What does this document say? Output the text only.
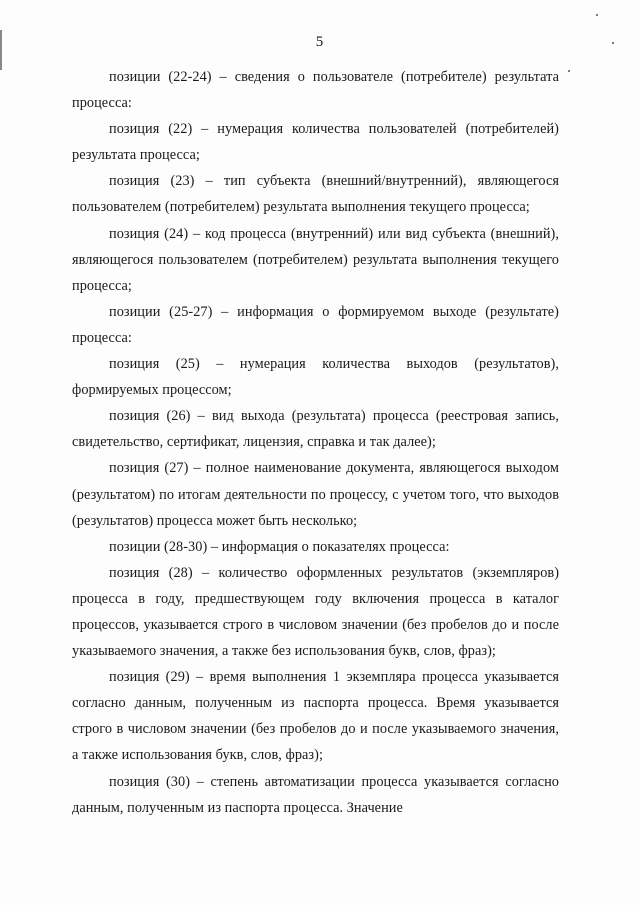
5

позиции (22-24) – сведения о пользователе (потребителе) результата процесса:

позиция (22) – нумерация количества пользователей (потребителей) результата процесса;

позиция (23) – тип субъекта (внешний/внутренний), являющегося пользователем (потребителем) результата выполнения текущего процесса;

позиция (24) – код процесса (внутренний) или вид субъекта (внешний), являющегося пользователем (потребителем) результата выполнения текущего процесса;

позиции (25-27) – информация о формируемом выходе (результате) процесса:

позиция (25) – нумерация количества выходов (результатов), формируемых процессом;

позиция (26) – вид выхода (результата) процесса (реестровая запись, свидетельство, сертификат, лицензия, справка и так далее);

позиция (27) – полное наименование документа, являющегося выходом (результатом) по итогам деятельности по процессу, с учетом того, что выходов (результатов) процесса может быть несколько;

позиции (28-30) – информация о показателях процесса:

позиция (28) – количество оформленных результатов (экземпляров) процесса в году, предшествующем году включения процесса в каталог процессов, указывается строго в числовом значении (без пробелов до и после указываемого значения, а также без использования букв, слов, фраз);

позиция (29) – время выполнения 1 экземпляра процесса указывается согласно данным, полученным из паспорта процесса. Время указывается строго в числовом значении (без пробелов до и после указываемого значения, а также использования букв, слов, фраз);

позиция (30) – степень автоматизации процесса указывается согласно данным, полученным из паспорта процесса. Значение
